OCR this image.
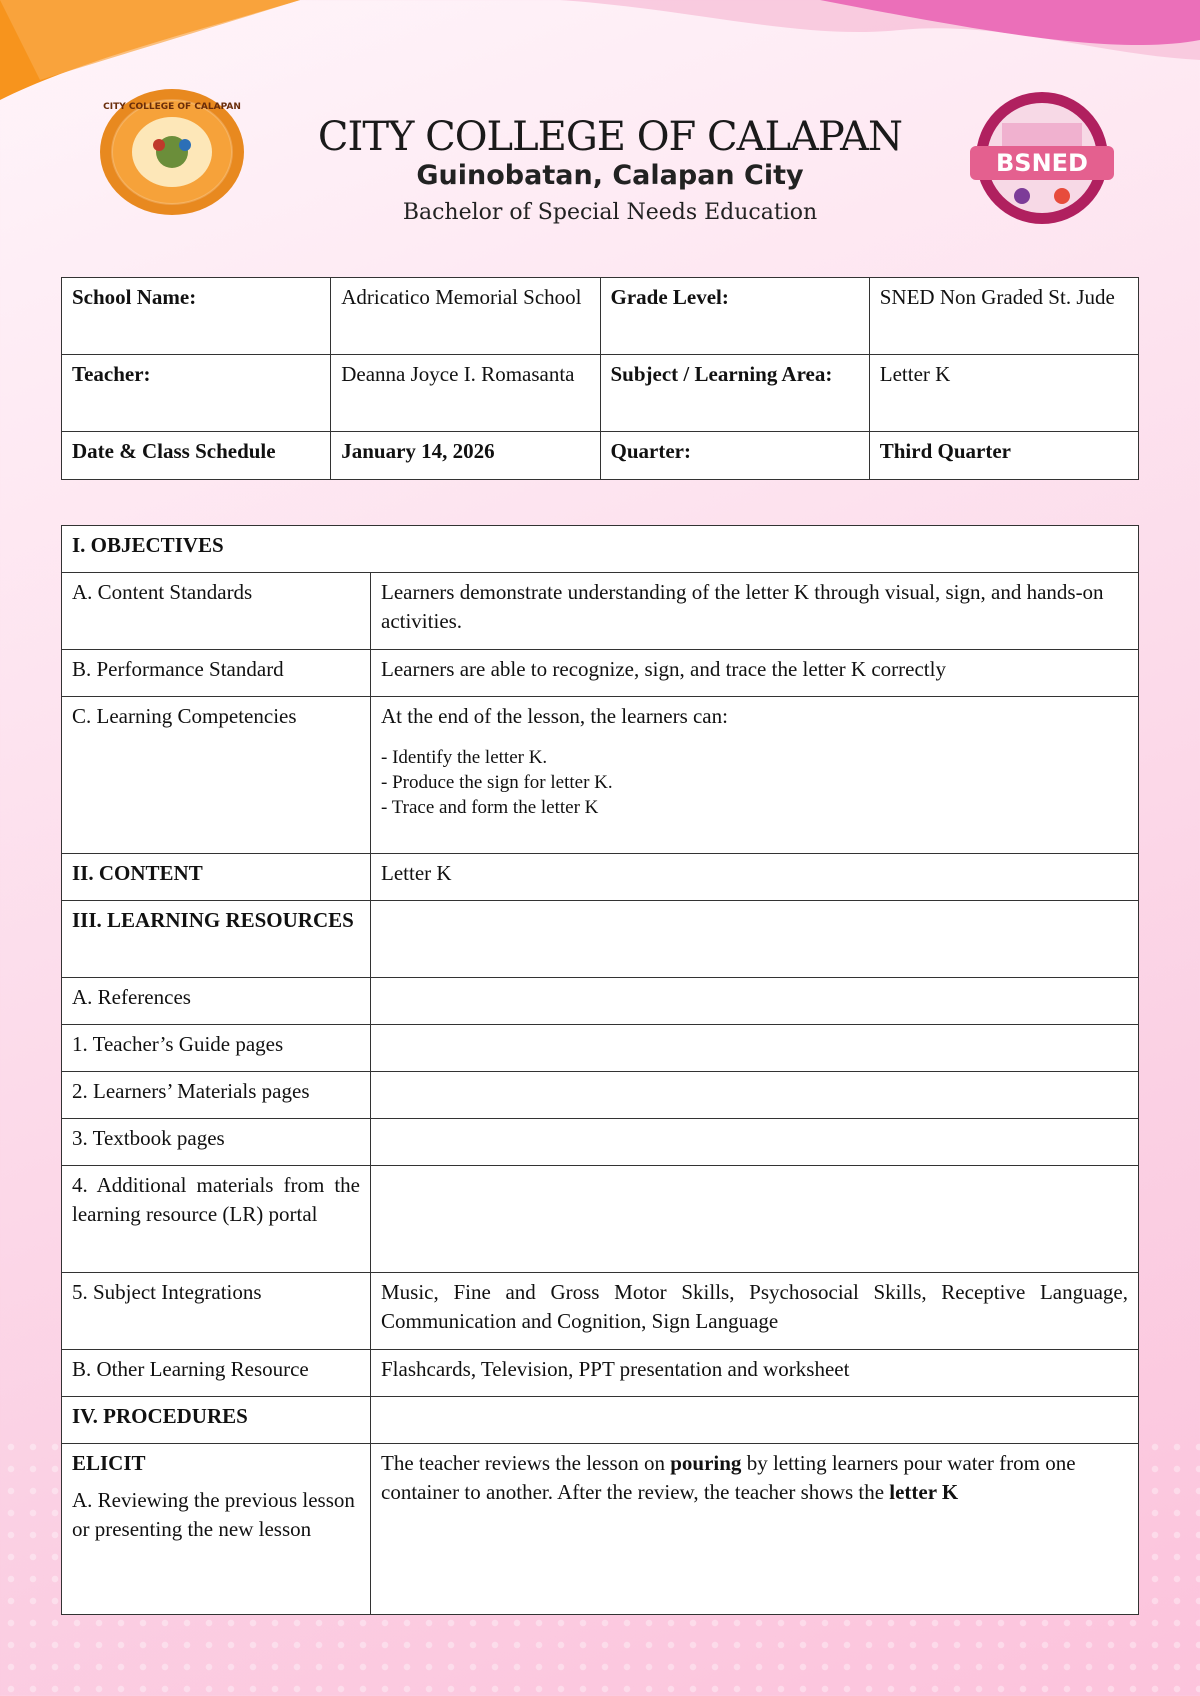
CITY COLLEGE OF CALAPAN
CITY COLLEGE OF CALAPAN
Guinobatan, Calapan City
Bachelor of Special Needs Education
BSNED
School Name:	Adricatico Memorial School	Grade Level:	SNED Non Graded St. Jude
Teacher:	Deanna Joyce I. Romasanta	Subject / Learning Area:	Letter K
Date & Class Schedule	January 14, 2026	Quarter:	Third Quarter
I. OBJECTIVES	
A. Content Standards	Learners demonstrate understanding of the letter K through visual, sign, and hands-on activities.
B. Performance Standard	Learners are able to recognize, sign, and trace the letter K correctly
C. Learning Competencies	At the end of the lesson, the learners can:
- Identify the letter K.
- Produce the sign for letter K.
- Trace and form the letter K

II. CONTENT	Letter K
III. LEARNING RESOURCES	
A. References	
1. Teacher’s Guide pages	
2. Learners’ Materials pages	
3. Textbook pages	
4. Additional materials from the learning resource (LR) portal	
5. Subject Integrations	Music, Fine and Gross Motor Skills, Psychosocial Skills, Receptive Language, Communication and Cognition, Sign Language
B. Other Learning Resource	Flashcards, Television, PPT presentation and worksheet
IV. PROCEDURES	

ELICIT
A. Reviewing the previous lesson or presenting the new lesson	The teacher reviews the lesson on pouring by letting learners pour water from one container to another. After the review, the teacher shows the letter K
